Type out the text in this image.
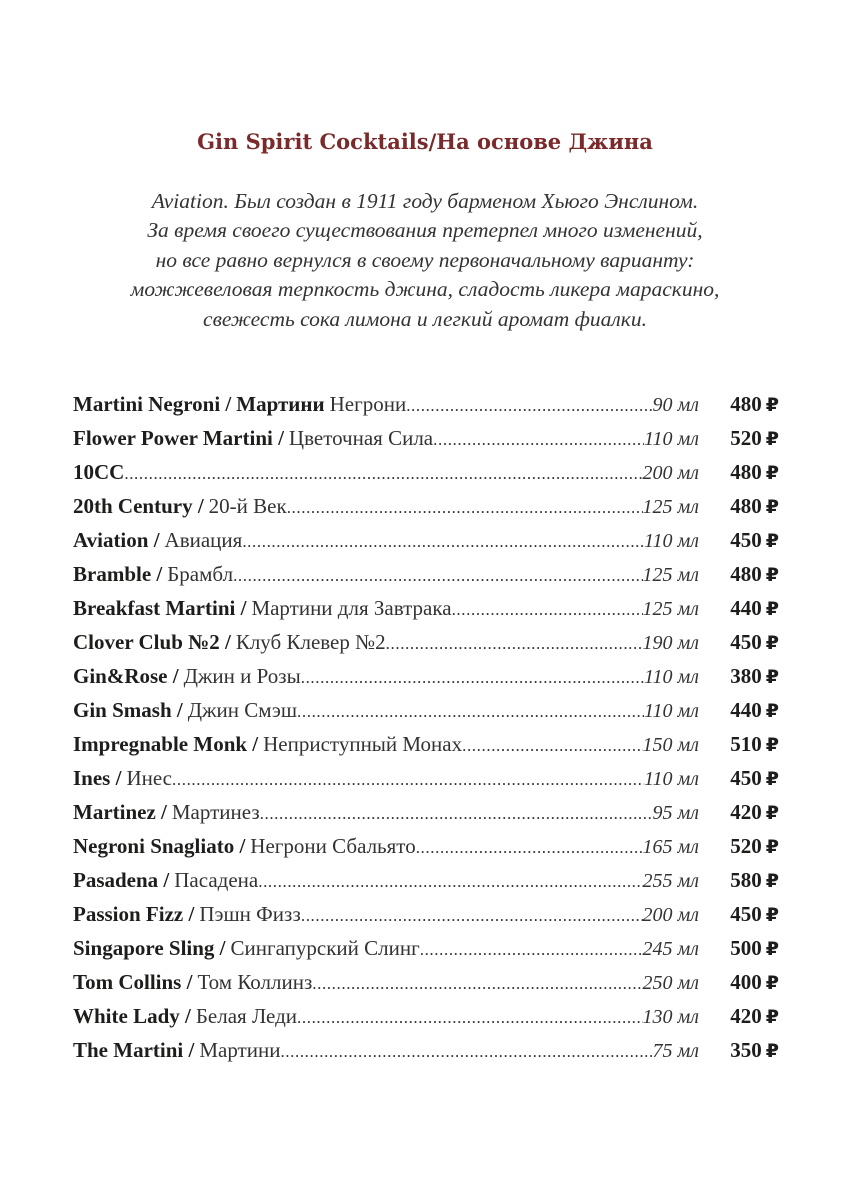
Gin Spirit Cocktails/На основе Джина
Aviation. Был создан в 1911 году барменом Хьюго Энслином.
За время своего существования претерпел много изменений,
но все равно вернулся в своему первоначальному варианту:
можжевеловая терпкость джина, сладость ликера мараскино,
свежесть сока лимона и легкий аромат фиалки.
Martini Negroni / Мартини Негрони .....	90 мл 480 ₽
Flower Power Martini / Цветочная Сила .....	110 мл 520 ₽
10CC .....	200 мл 480 ₽
20th Century / 20-й Век .....	125 мл 480 ₽
Aviation / Авиация .....	110 мл 450 ₽
Bramble / Брамбл .....	125 мл 480 ₽
Breakfast Martini / Мартини для Завтрака .....	125 мл 440 ₽
Clover Club №2 / Клуб Клевер №2 .....	190 мл 450 ₽
Gin&Rose / Джин и Розы .....	110 мл 380 ₽
Gin Smash / Джин Смэш .....	110 мл 440 ₽
Impregnable Monk / Неприступный Монах .....	150 мл 510 ₽
Ines / Инес .....	110 мл 450 ₽
Martinez / Мартинез .....	95 мл 420 ₽
Negroni Snagliato / Негрони Сбальято .....	165 мл 520 ₽
Pasadena / Пасадена .....	255 мл 580 ₽
Passion Fizz / Пэшн Физз .....	200 мл 450 ₽
Singapore Sling / Сингапурский Слинг .....	245 мл 500 ₽
Tom Collins / Том Коллинз .....	250 мл 400 ₽
White Lady / Белая Леди .....	130 мл 420 ₽
The Martini / Мартини .....	75 мл 350 ₽
